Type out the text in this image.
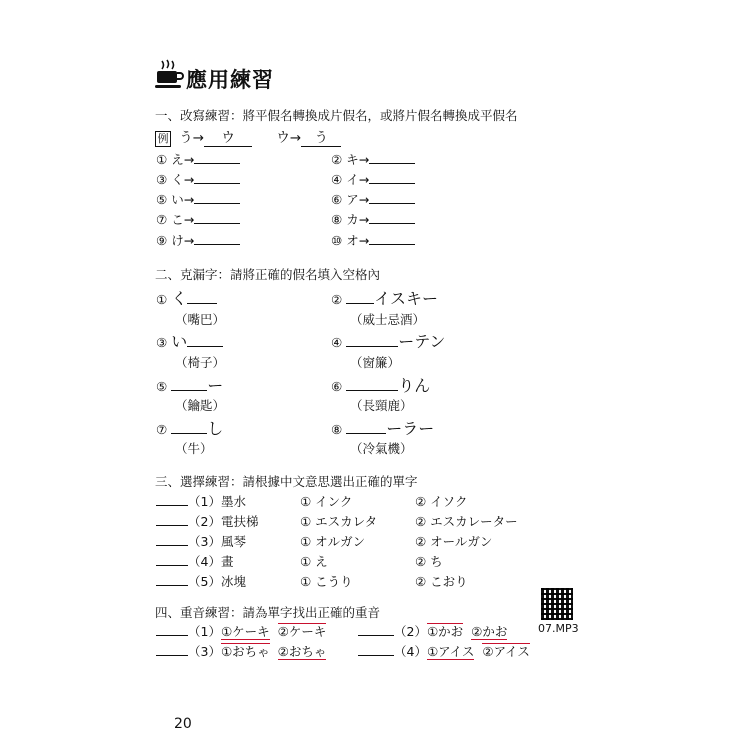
應用練習
一、改寫練習：將平假名轉換成片假名，或將片假名轉換成平假名
例 う→ ウ	ウ→ う
① え→	② キ→
③ く→	④ イ→
⑤ い→	⑥ ア→
⑦ こ→	⑧ カ→
⑨ け→	⑩ オ→
二、克漏字：請將正確的假名填入空格內
① く
（嘴巴）
② イスキー
（威士忌酒）
③ い
（椅子）
④	ーテン
（窗簾）
⑤ ー
（鑰匙）
⑥	りん
（長頸鹿）
⑦ し
（牛）
⑧	ーラー
（冷氣機）
三、選擇練習：請根據中文意思選出正確的單字
（1）墨水	① インク	② イソク
（2）電扶梯	① エスカレタ	② エスカレーター
（3）風琴	① オルガン	② オールガン
（4）畫	① え	② ち
（5）冰塊	① こうり	② こおり
四、重音練習：請為單字找出正確的重音
07.MP3
（1）①ケーキ ②ケーキ	（2）①かお ②かお
（3）①おちゃ ②おちゃ	（4）①アイス ②アイス
20
